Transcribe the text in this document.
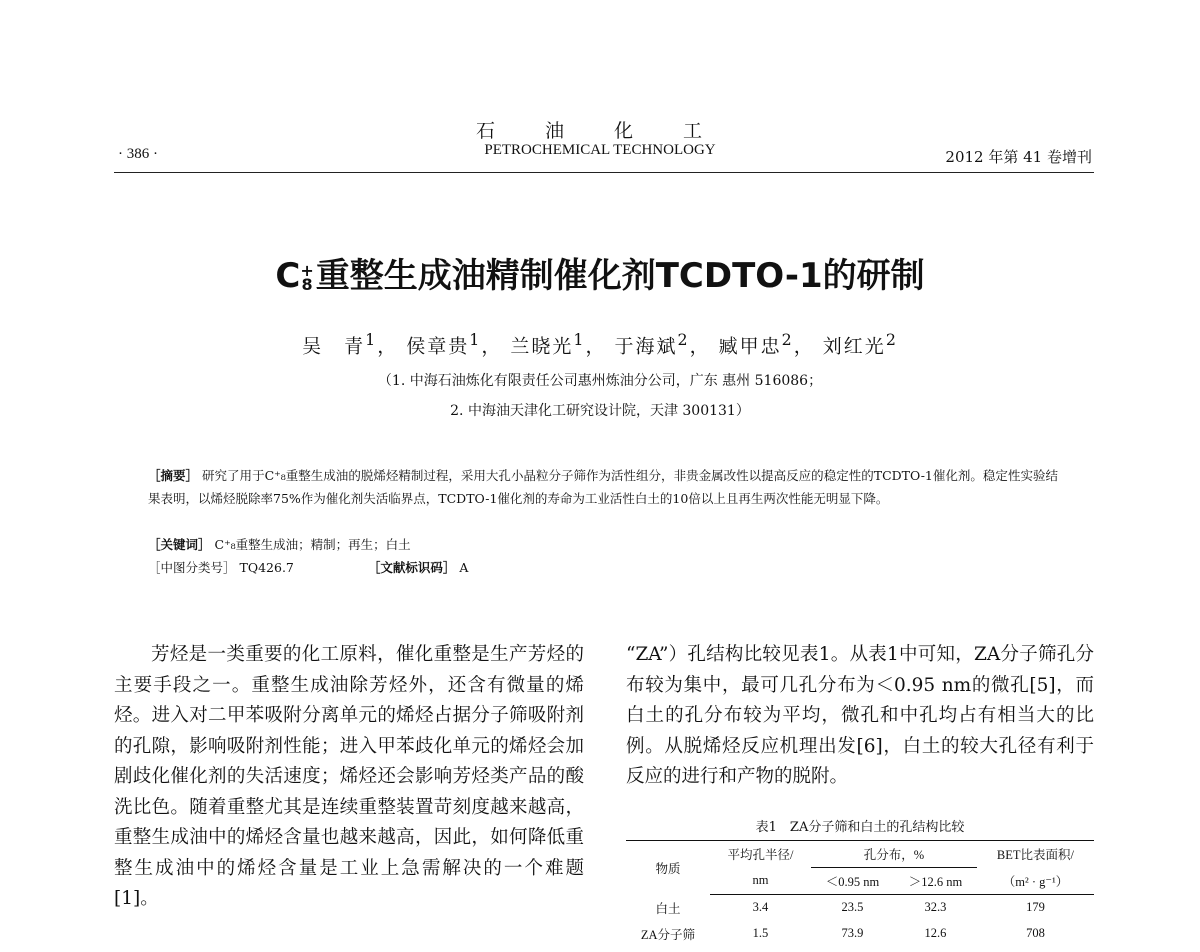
石 油 化 工
· 386 ·	PETROCHEMICAL TECHNOLOGY	2012 年第 41 卷增刊
C +
8 重整生成油精制催化剂TCDTO-1的研制
吴　青$^1$， 侯章贵$^1$， 兰晓光$^1$， 于海斌$^2$， 臧甲忠$^2$， 刘红光$^2$
（1. 中海石油炼化有限责任公司惠州炼油分公司，广东 惠州 516086；
2. 中海油天津化工研究设计院，天津 300131）
［摘要］ 研究了用于C⁺₈重整生成油的脱烯烃精制过程，采用大孔小晶粒分子筛作为活性组分，非贵金属改性以提高反应的稳定性的TCDTO-1催化剂。稳定性实验结果表明，以烯烃脱除率75%作为催化剂失活临界点，TCDTO-1催化剂的寿命为工业活性白土的10倍以上且再生两次性能无明显下降。
［关键词］ C⁺₈重整生成油；精制；再生；白土
［中图分类号］ TQ426.7	［文献标识码］ A
芳烃是一类重要的化工原料，催化重整是生产芳烃的主要手段之一。重整生成油除芳烃外，还含有微量的烯烃。进入对二甲苯吸附分离单元的烯烃占据分子筛吸附剂的孔隙，影响吸附剂性能；进入甲苯歧化单元的烯烃会加剧歧化催化剂的失活速度；烯烃还会影响芳烃类产品的酸洗比色。随着重整尤其是连续重整装置苛刻度越来越高，重整生成油中的烯烃含量也越来越高，因此，如何降低重整生成油中的烯烃含量是工业上急需解决的一个难题[1]。
“ZA”）孔结构比较见表1。从表1中可知，ZA分子筛孔分布较为集中，最可几孔分布为＜0.95 nm的微孔[5]，而白土的孔分布较为平均，微孔和中孔均占有相当大的比例。从脱烯烃反应机理出发[6]，白土的较大孔径有利于反应的进行和产物的脱附。
表1　ZA分子筛和白土的孔结构比较
物质	平均孔半径/	孔分布，%		BET比表面积/
	nm	＜0.95 nm	＞12.6 nm	（m² · g⁻¹）
白土	3.4	23.5	32.3	179
ZA分子筛	1.5	73.9	12.6	708
